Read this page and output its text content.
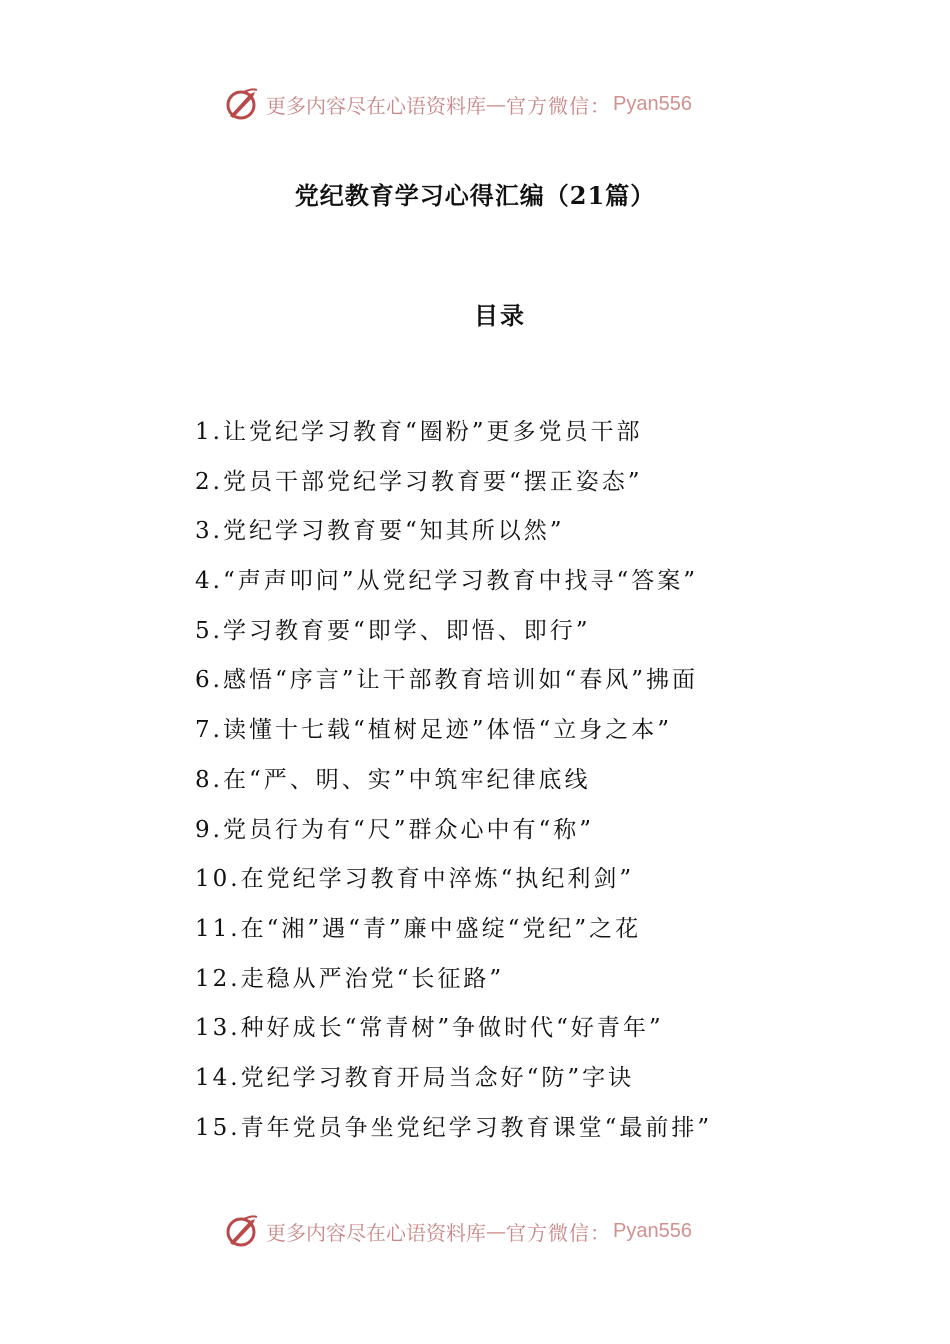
更多内容尽在心语资料库 — 官方微信： Pyan556
党纪教育学习心得汇编（21篇）
目录
1.让党纪学习教育“圈粉”更多党员干部
2.党员干部党纪学习教育要“摆正姿态”
3.党纪学习教育要“知其所以然”
4.“声声叩问”从党纪学习教育中找寻“答案”
5.学习教育要“即学、即悟、即行”
6.感悟“序言”让干部教育培训如“春风”拂面
7.读懂十七载“植树足迹”体悟“立身之本”
8.在“严、明、实”中筑牢纪律底线
9.党员行为有“尺”群众心中有“称”
10.在党纪学习教育中淬炼“执纪利剑”
11.在“湘”遇“青”廉中盛绽“党纪”之花
12.走稳从严治党“长征路”
13.种好成长“常青树”争做时代“好青年”
14.党纪学习教育开局当念好“防”字诀
15.青年党员争坐党纪学习教育课堂“最前排”
更多内容尽在心语资料库 — 官方微信： Pyan556
